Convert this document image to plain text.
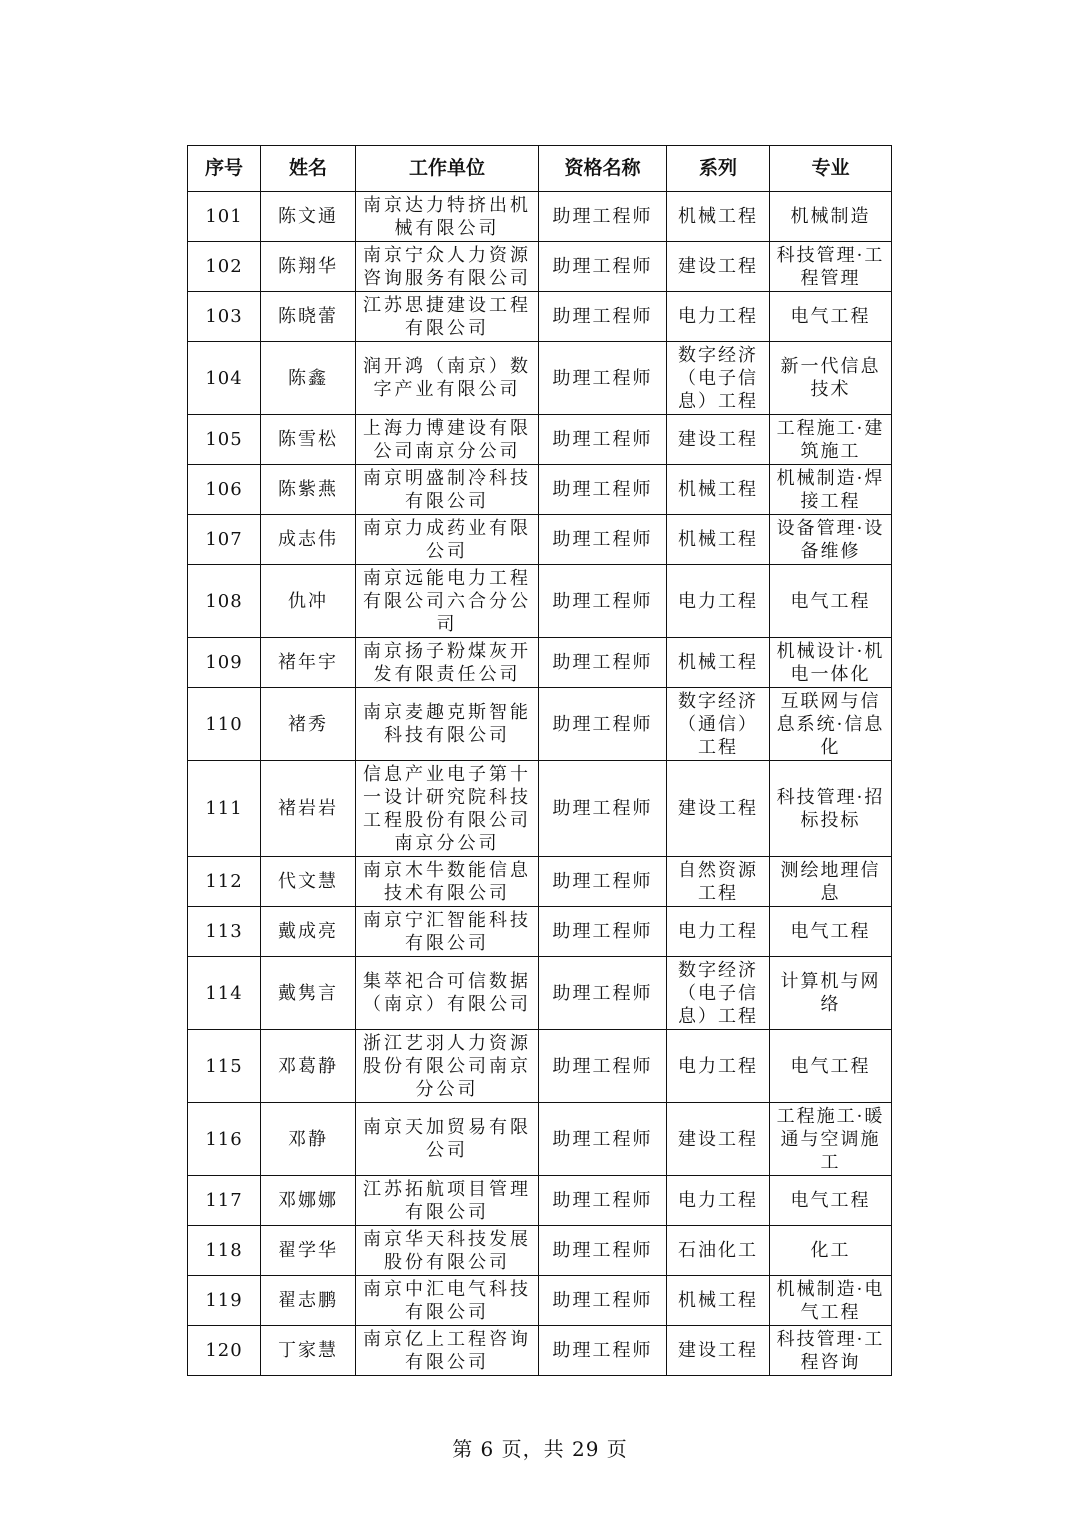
序号	姓名	工作单位	资格名称	系列	专业
101	陈文通	南京达力特挤出机械有限公司	助理工程师	机械工程	机械制造
102	陈翔华	南京宁众人力资源咨询服务有限公司	助理工程师	建设工程	科技管理·工程管理
103	陈晓蕾	江苏思捷建设工程有限公司	助理工程师	电力工程	电气工程
104	陈鑫	润开鸿（南京）数字产业有限公司	助理工程师	数字经济（电子信息）工程	新一代信息技术
105	陈雪松	上海力博建设有限公司南京分公司	助理工程师	建设工程	工程施工·建筑施工
106	陈紫燕	南京明盛制冷科技有限公司	助理工程师	机械工程	机械制造·焊接工程
107	成志伟	南京力成药业有限公司	助理工程师	机械工程	设备管理·设备维修
108	仇冲	南京远能电力工程有限公司六合分公司	助理工程师	电力工程	电气工程
109	褚年宇	南京扬子粉煤灰开发有限责任公司	助理工程师	机械工程	机械设计·机电一体化
110	褚秀	南京麦趣克斯智能科技有限公司	助理工程师	数字经济（通信）工程	互联网与信息系统·信息化
111	褚岩岩	信息产业电子第十一设计研究院科技工程股份有限公司南京分公司	助理工程师	建设工程	科技管理·招标投标
112	代文慧	南京木牛数能信息技术有限公司	助理工程师	自然资源工程	测绘地理信息
113	戴成亮	南京宁汇智能科技有限公司	助理工程师	电力工程	电气工程
114	戴隽言	集萃祀合可信数据（南京）有限公司	助理工程师	数字经济（电子信息）工程	计算机与网络
115	邓葛静	浙江艺羽人力资源股份有限公司南京分公司	助理工程师	电力工程	电气工程
116	邓静	南京天加贸易有限公司	助理工程师	建设工程	工程施工·暖通与空调施工
117	邓娜娜	江苏拓航项目管理有限公司	助理工程师	电力工程	电气工程
118	翟学华	南京华天科技发展股份有限公司	助理工程师	石油化工	化工
119	翟志鹏	南京中汇电气科技有限公司	助理工程师	机械工程	机械制造·电气工程
120	丁家慧	南京亿上工程咨询有限公司	助理工程师	建设工程	科技管理·工程咨询
第 6 页，共 29 页
